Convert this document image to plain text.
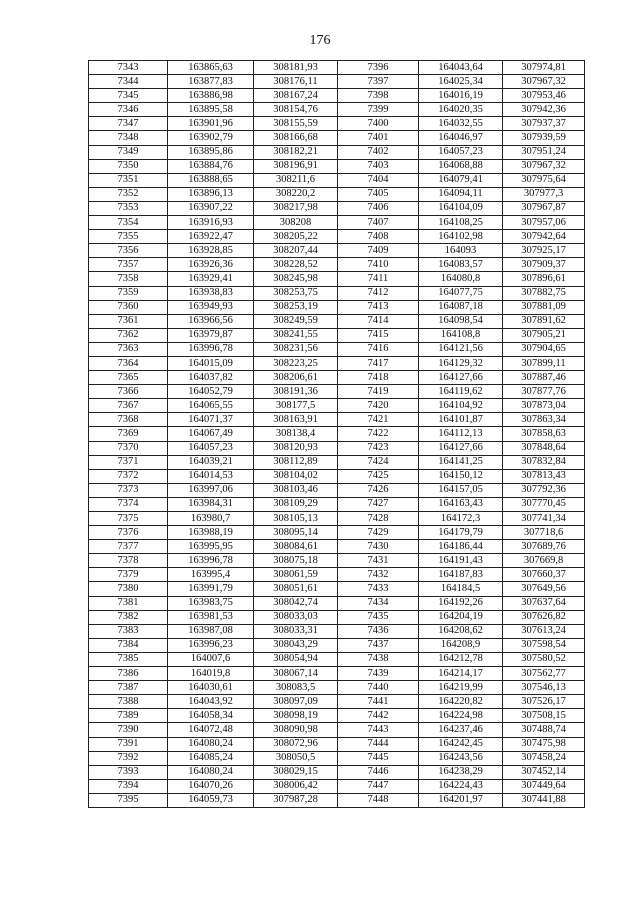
176
7343	163865,63	308181,93	7396	164043,64	307974,81
7344	163877,83	308176,11	7397	164025,34	307967,32
7345	163886,98	308167,24	7398	164016,19	307953,46
7346	163895,58	308154,76	7399	164020,35	307942,36
7347	163901,96	308155,59	7400	164032,55	307937,37
7348	163902,79	308166,68	7401	164046,97	307939,59
7349	163895,86	308182,21	7402	164057,23	307951,24
7350	163884,76	308196,91	7403	164068,88	307967,32
7351	163888,65	308211,6	7404	164079,41	307975,64
7352	163896,13	308220,2	7405	164094,11	307977,3
7353	163907,22	308217,98	7406	164104,09	307967,87
7354	163916,93	308208	7407	164108,25	307957,06
7355	163922,47	308205,22	7408	164102,98	307942,64
7356	163928,85	308207,44	7409	164093	307925,17
7357	163926,36	308228,52	7410	164083,57	307909,37
7358	163929,41	308245,98	7411	164080,8	307896,61
7359	163938,83	308253,75	7412	164077,75	307882,75
7360	163949,93	308253,19	7413	164087,18	307881,09
7361	163966,56	308249,59	7414	164098,54	307891,62
7362	163979,87	308241,55	7415	164108,8	307905,21
7363	163996,78	308231,56	7416	164121,56	307904,65
7364	164015,09	308223,25	7417	164129,32	307899,11
7365	164037,82	308206,61	7418	164127,66	307887,46
7366	164052,79	308191,36	7419	164119,62	307877,76
7367	164065,55	308177,5	7420	164104,92	307873,04
7368	164071,37	308163,91	7421	164101,87	307863,34
7369	164067,49	308138,4	7422	164112,13	307858,63
7370	164057,23	308120,93	7423	164127,66	307848,64
7371	164039,21	308112,89	7424	164141,25	307832,84
7372	164014,53	308104,02	7425	164150,12	307813,43
7373	163997,06	308103,46	7426	164157,05	307792,36
7374	163984,31	308109,29	7427	164163,43	307770,45
7375	163980,7	308105,13	7428	164172,3	307741,34
7376	163988,19	308095,14	7429	164179,79	307718,6
7377	163995,95	308084,61	7430	164186,44	307689,76
7378	163996,78	308075,18	7431	164191,43	307669,8
7379	163995,4	308061,59	7432	164187,83	307660,37
7380	163991,79	308051,61	7433	164184,5	307649,56
7381	163983,75	308042,74	7434	164192,26	307637,64
7382	163981,53	308033,03	7435	164204,19	307626,82
7383	163987,08	308033,31	7436	164208,62	307613,24
7384	163996,23	308043,29	7437	164208,9	307598,54
7385	164007,6	308054,94	7438	164212,78	307580,52
7386	164019,8	308067,14	7439	164214,17	307562,77
7387	164030,61	308083,5	7440	164219,99	307546,13
7388	164043,92	308097,09	7441	164220,82	307526,17
7389	164058,34	308098,19	7442	164224,98	307508,15
7390	164072,48	308090,98	7443	164237,46	307488,74
7391	164080,24	308072,96	7444	164242,45	307475,98
7392	164085,24	308050,5	7445	164243,56	307458,24
7393	164080,24	308029,15	7446	164238,29	307452,14
7394	164070,26	308006,42	7447	164224,43	307449,64
7395	164059,73	307987,28	7448	164201,97	307441,88
